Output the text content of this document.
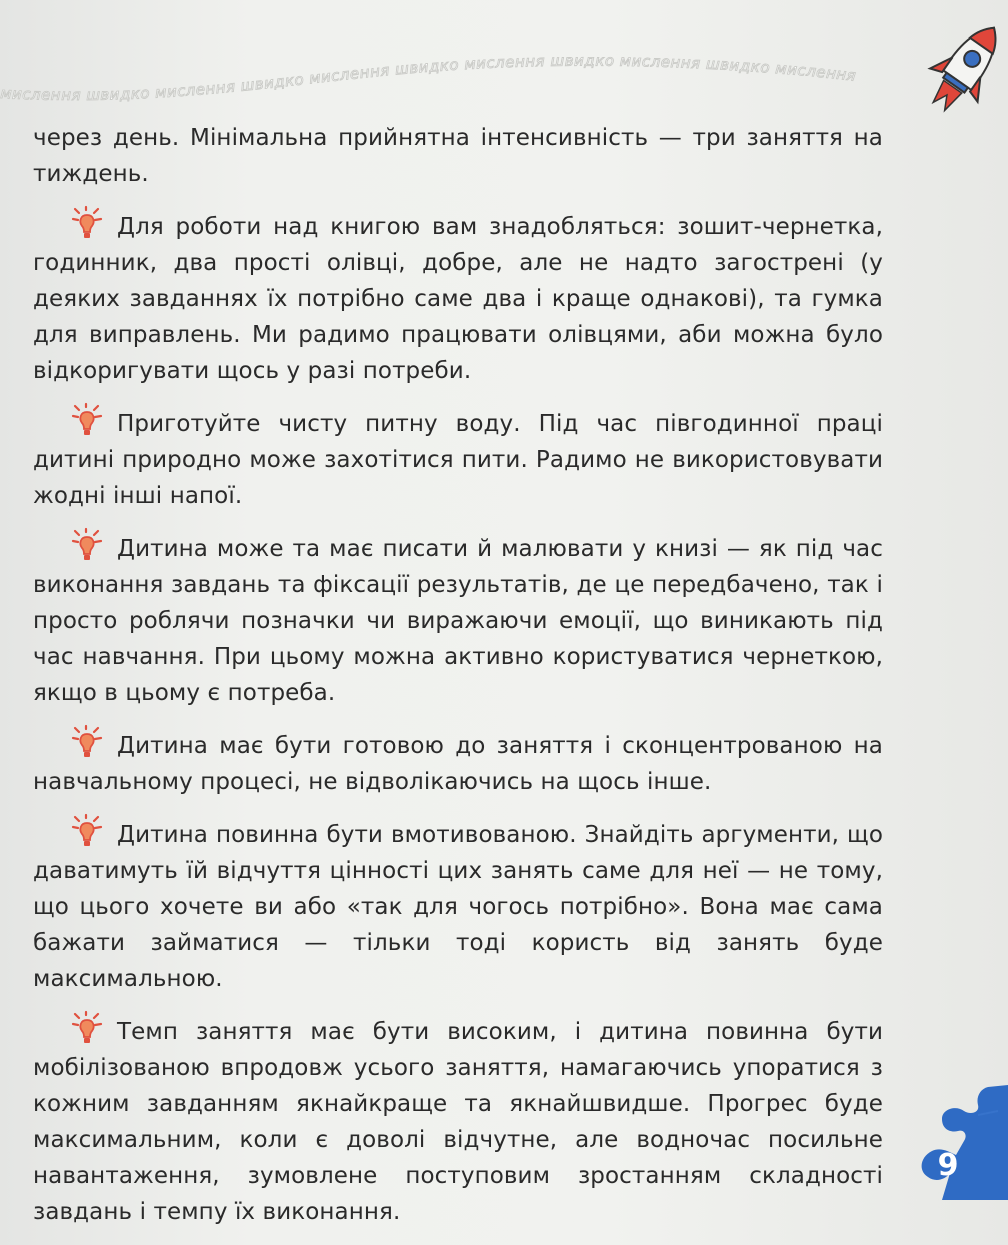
мислення швидко мислення швидко мислення швидко мислення швидко мислення швидко мислення

через день. Мінімальна прийнятна інтенсивність — три заняття на тиждень.

Для роботи над книгою вам знадобляться: зошит-чернетка, годинник, два прості олівці, добре, але не надто загострені (у деяких завданнях їх потрібно саме два і краще однакові), та гумка для виправлень. Ми радимо працювати олівцями, аби можна було відкоригувати щось у разі потреби.

Приготуйте чисту питну воду. Під час півгодинної праці дитині природно може захотітися пити. Радимо не використовувати жодні інші напої.

Дитина може та має писати й малювати у книзі — як під час виконання завдань та фіксації результатів, де це передбачено, так і просто роблячи позначки чи виражаючи емоції, що виникають під час навчання. При цьому можна активно користуватися чернеткою, якщо в цьому є потреба.

Дитина має бути готовою до заняття і сконцентрованою на навчальному процесі, не відволікаючись на щось інше.

Дитина повинна бути вмотивованою. Знайдіть аргументи, що даватимуть їй відчуття цінності цих занять саме для неї — не тому, що цього хочете ви або «так для чогось потрібно». Вона має сама бажати займатися — тільки тоді користь від занять буде максимальною.

Темп заняття має бути високим, і дитина повинна бути мобілізованою впродовж усього заняття, намагаючись упоратися з кожним завданням якнайкраще та якнайшвидше. Прогрес буде максимальним, коли є доволі відчутне, але водночас посильне навантаження, зумовлене поступовим зростанням складності завдань і темпу їх виконання.

9
